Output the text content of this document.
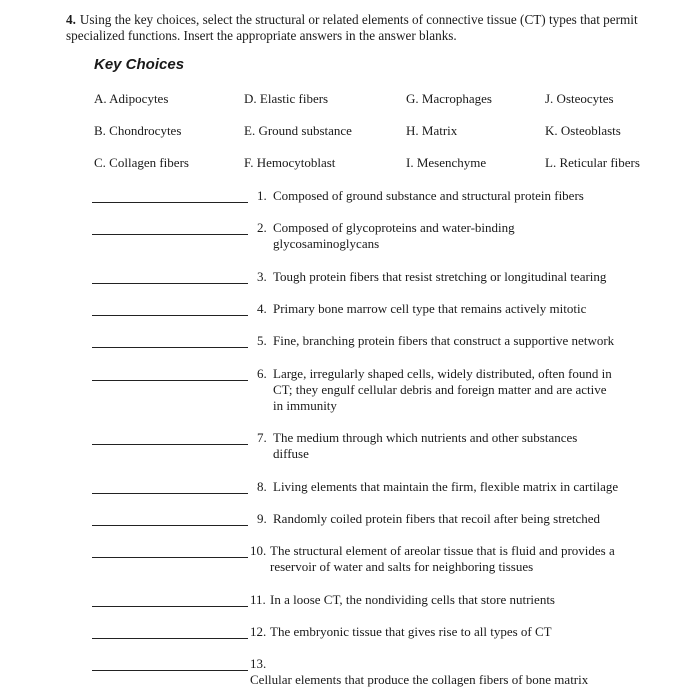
4. Using the key choices, select the structural or related elements of connective tissue (CT) types that permit specialized functions. Insert the appropriate answers in the answer blanks.
Key Choices
A. Adipocytes	D. Elastic fibers	G. Macrophages	J. Osteocytes
B. Chondrocytes	E. Ground substance	H. Matrix	K. Osteoblasts
C. Collagen fibers	F. Hemocytoblast	I. Mesenchyme	L. Reticular fibers
1. Composed of ground substance and structural protein fibers
2. Composed of glycoproteins and water-binding glycosaminoglycans
3. Tough protein fibers that resist stretching or longitudinal tearing
4. Primary bone marrow cell type that remains actively mitotic
5. Fine, branching protein fibers that construct a supportive network
6. Large, irregularly shaped cells, widely distributed, often found in CT; they engulf cellular debris and foreign matter and are active in immunity
7. The medium through which nutrients and other substances diffuse
8. Living elements that maintain the firm, flexible matrix in cartilage
9. Randomly coiled protein fibers that recoil after being stretched
10. The structural element of areolar tissue that is fluid and provides a reservoir of water and salts for neighboring tissues
11. In a loose CT, the nondividing cells that store nutrients
12. The embryonic tissue that gives rise to all types of CT
13.Cellular elements that produce the collagen fibers of bone matrix
